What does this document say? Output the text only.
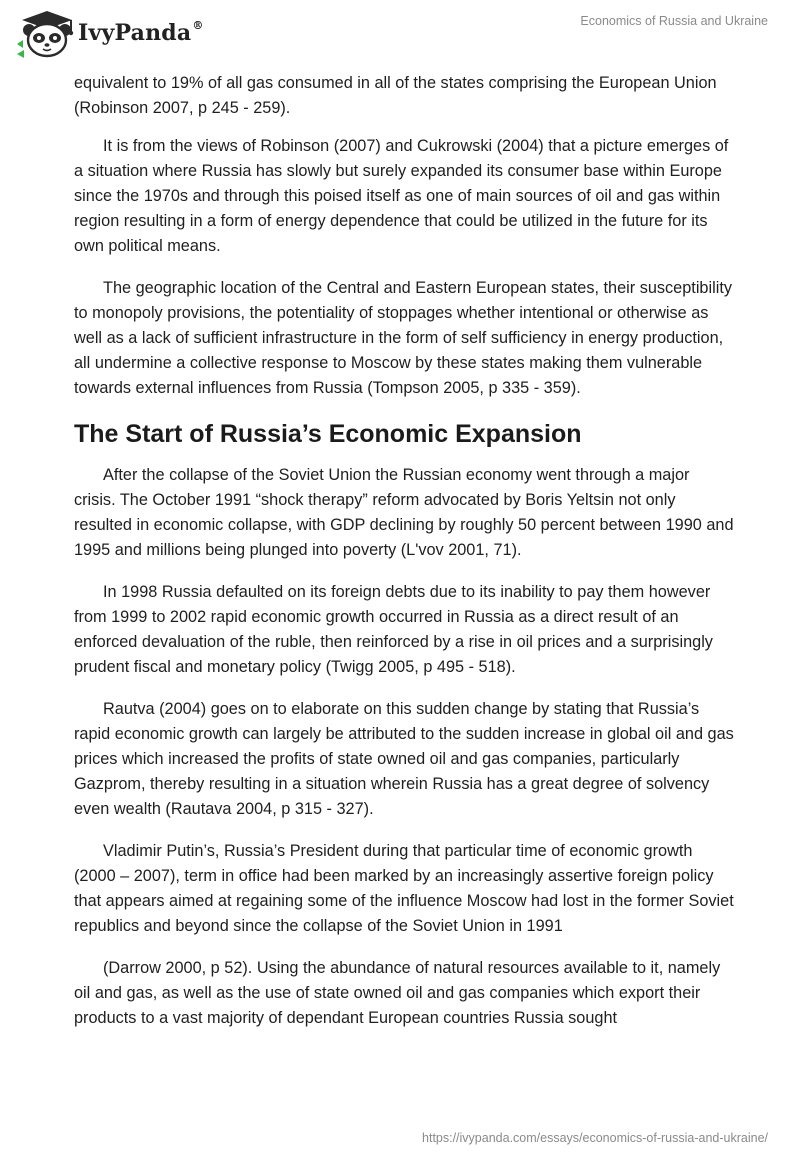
IvyPanda®	Economics of Russia and Ukraine

equivalent to 19% of all gas consumed in all of the states comprising the European Union (Robinson 2007, p 245 - 259).

It is from the views of Robinson (2007) and Cukrowski (2004) that a picture emerges of a situation where Russia has slowly but surely expanded its consumer base within Europe since the 1970s and through this poised itself as one of main sources of oil and gas within region resulting in a form of energy dependence that could be utilized in the future for its own political means.

The geographic location of the Central and Eastern European states, their susceptibility to monopoly provisions, the potentiality of stoppages whether intentional or otherwise as well as a lack of sufficient infrastructure in the form of self sufficiency in energy production, all undermine a collective response to Moscow by these states making them vulnerable towards external influences from Russia (Tompson 2005, p 335 - 359).

The Start of Russia’s Economic Expansion

After the collapse of the Soviet Union the Russian economy went through a major crisis. The October 1991 “shock therapy” reform advocated by Boris Yeltsin not only resulted in economic collapse, with GDP declining by roughly 50 percent between 1990 and 1995 and millions being plunged into poverty (L'vov 2001, 71).

In 1998 Russia defaulted on its foreign debts due to its inability to pay them however from 1999 to 2002 rapid economic growth occurred in Russia as a direct result of an enforced devaluation of the ruble, then reinforced by a rise in oil prices and a surprisingly prudent fiscal and monetary policy (Twigg 2005, p 495 - 518).

Rautva (2004) goes on to elaborate on this sudden change by stating that Russia’s rapid economic growth can largely be attributed to the sudden increase in global oil and gas prices which increased the profits of state owned oil and gas companies, particularly Gazprom, thereby resulting in a situation wherein Russia has a great degree of solvency even wealth (Rautava 2004, p 315 - 327).

Vladimir Putin’s, Russia’s President during that particular time of economic growth (2000 – 2007), term in office had been marked by an increasingly assertive foreign policy that appears aimed at regaining some of the influence Moscow had lost in the former Soviet republics and beyond since the collapse of the Soviet Union in 1991

(Darrow 2000, p 52). Using the abundance of natural resources available to it, namely oil and gas, as well as the use of state owned oil and gas companies which export their products to a vast majority of dependant European countries Russia sought

https://ivypanda.com/essays/economics-of-russia-and-ukraine/
